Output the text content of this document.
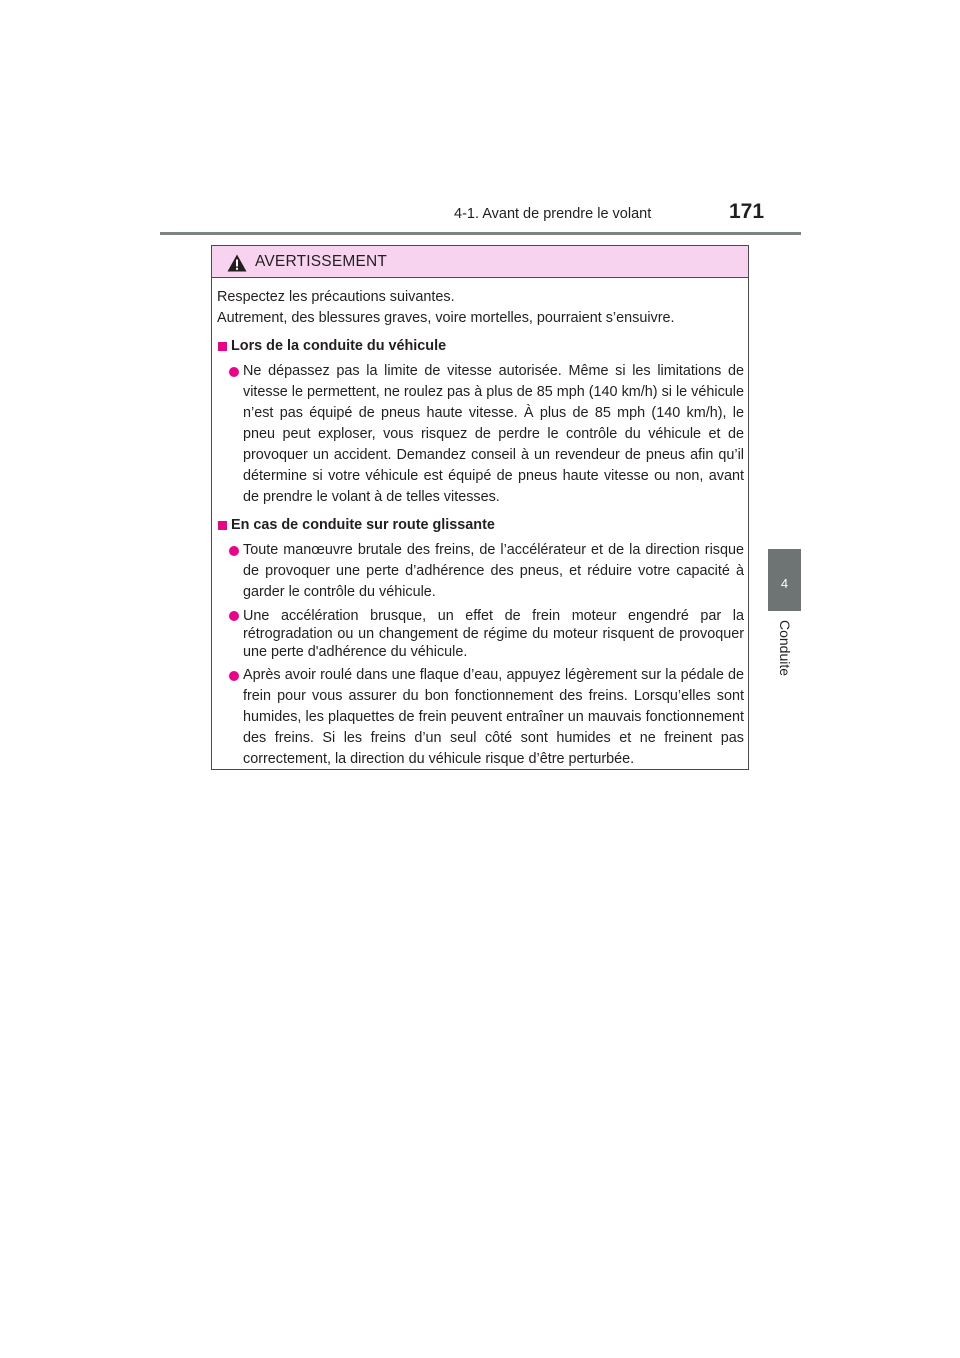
4-1. Avant de prendre le volant	171
4
Conduite
AVERTISSEMENT

Respectez les précautions suivantes.

Autrement, des blessures graves, voire mortelles, pourraient s’ensuivre.

Lors de la conduite du véhicule
Ne dépassez pas la limite de vitesse autorisée. Même si les limitations de vitesse le permettent, ne roulez pas à plus de 85 mph (140 km/h) si le véhicule n’est pas équipé de pneus haute vitesse. À plus de 85 mph (140 km/h), le pneu peut exploser, vous risquez de perdre le contrôle du véhicule et de provoquer un accident. Demandez conseil à un revendeur de pneus afin qu’il détermine si votre véhicule est équipé de pneus haute vitesse ou non, avant de prendre le volant à de telles vitesses.
En cas de conduite sur route glissante
Toute manœuvre brutale des freins, de l’accélérateur et de la direction risque de provoquer une perte d’adhérence des pneus, et réduire votre capacité à garder le contrôle du véhicule.
Une accélération brusque, un effet de frein moteur engendré par la rétrogradation ou un changement de régime du moteur risquent de provoquer une perte d'adhérence du véhicule.
Après avoir roulé dans une flaque d’eau, appuyez légèrement sur la pédale de frein pour vous assurer du bon fonctionnement des freins. Lorsqu’elles sont humides, les plaquettes de frein peuvent entraîner un mauvais fonctionnement des freins. Si les freins d’un seul côté sont humides et ne freinent pas correctement, la direction du véhicule risque d’être perturbée.
